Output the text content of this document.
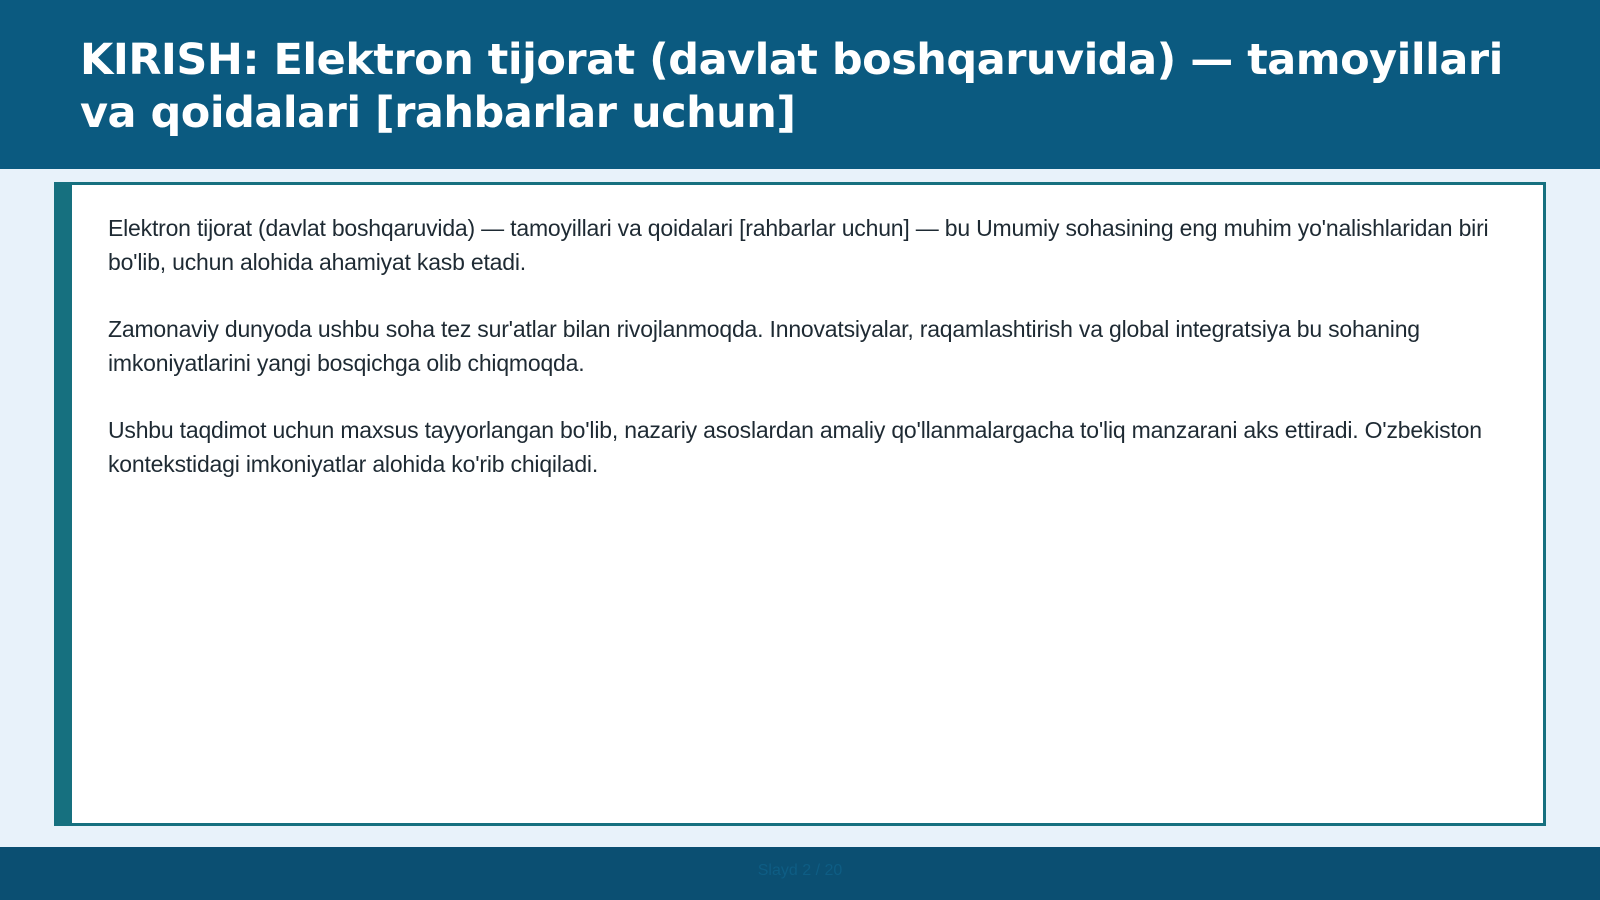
KIRISH: Elektron tijorat (davlat boshqaruvida) — tamoyillari va qoidalari [rahbarlar uchun]

Elektron tijorat (davlat boshqaruvida) — tamoyillari va qoidalari [rahbarlar uchun] — bu Umumiy sohasining eng muhim yo'nalishlaridan biri bo'lib, uchun alohida ahamiyat kasb etadi.

Zamonaviy dunyoda ushbu soha tez sur'atlar bilan rivojlanmoqda. Innovatsiyalar, raqamlashtirish va global integratsiya bu sohaning imkoniyatlarini yangi bosqichga olib chiqmoqda.

Ushbu taqdimot uchun maxsus tayyorlangan bo'lib, nazariy asoslardan amaliy qo'llanmalargacha to'liq manzarani aks ettiradi. O'zbekiston kontekstidagi imkoniyatlar alohida ko'rib chiqiladi.

Slayd 2 / 20
